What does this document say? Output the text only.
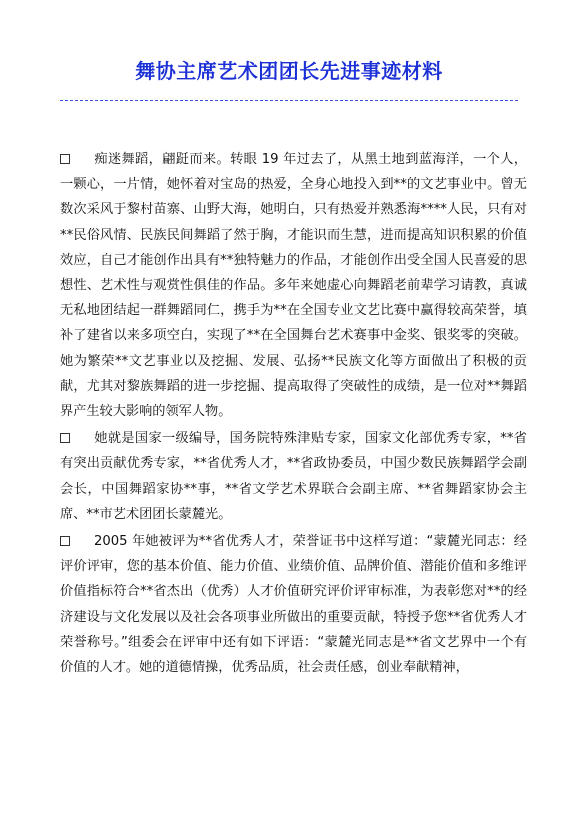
舞协主席艺术团团长先进事迹材料

痴迷舞蹈，翩跹而来。转眼 19 年过去了，从黑土地到蓝海洋，一个人，一颗心，一片情，她怀着对宝岛的热爱，全身心地投入到**的文艺事业中。曾无数次采风于黎村苗寨、山野大海，她明白，只有热爱并熟悉海****人民，只有对**民俗风情、民族民间舞蹈了然于胸，才能识而生慧，进而提高知识积累的价值效应，自己才能创作出具有**独特魅力的作品，才能创作出受全国人民喜爱的思想性、艺术性与观赏性俱佳的作品。多年来她虚心向舞蹈老前辈学习请教，真诚无私地团结起一群舞蹈同仁，携手为**在全国专业文艺比赛中赢得较高荣誉，填补了建省以来多项空白，实现了**在全国舞台艺术赛事中金奖、银奖零的突破。她为繁荣**文艺事业以及挖掘、发展、弘扬**民族文化等方面做出了积极的贡献，尤其对黎族舞蹈的进一步挖掘、提高取得了突破性的成绩，是一位对**舞蹈界产生较大影响的领军人物。

她就是国家一级编导，国务院特殊津贴专家，国家文化部优秀专家，**省有突出贡献优秀专家，**省优秀人才，**省政协委员，中国少数民族舞蹈学会副会长，中国舞蹈家协**事，**省文学艺术界联合会副主席、**省舞蹈家协会主席、**市艺术团团长蒙麓光。

2005 年她被评为**省优秀人才，荣誉证书中这样写道：“蒙麓光同志：经评价评审，您的基本价值、能力价值、业绩价值、品牌价值、潜能价值和多维评价值指标符合**省杰出（优秀）人才价值研究评价评审标准，为表彰您对**的经济建设与文化发展以及社会各项事业所做出的重要贡献，特授予您**省优秀人才荣誉称号。”组委会在评审中还有如下评语：“蒙麓光同志是**省文艺界中一个有价值的人才。她的道德情操，优秀品质，社会责任感，创业奉献精神，
